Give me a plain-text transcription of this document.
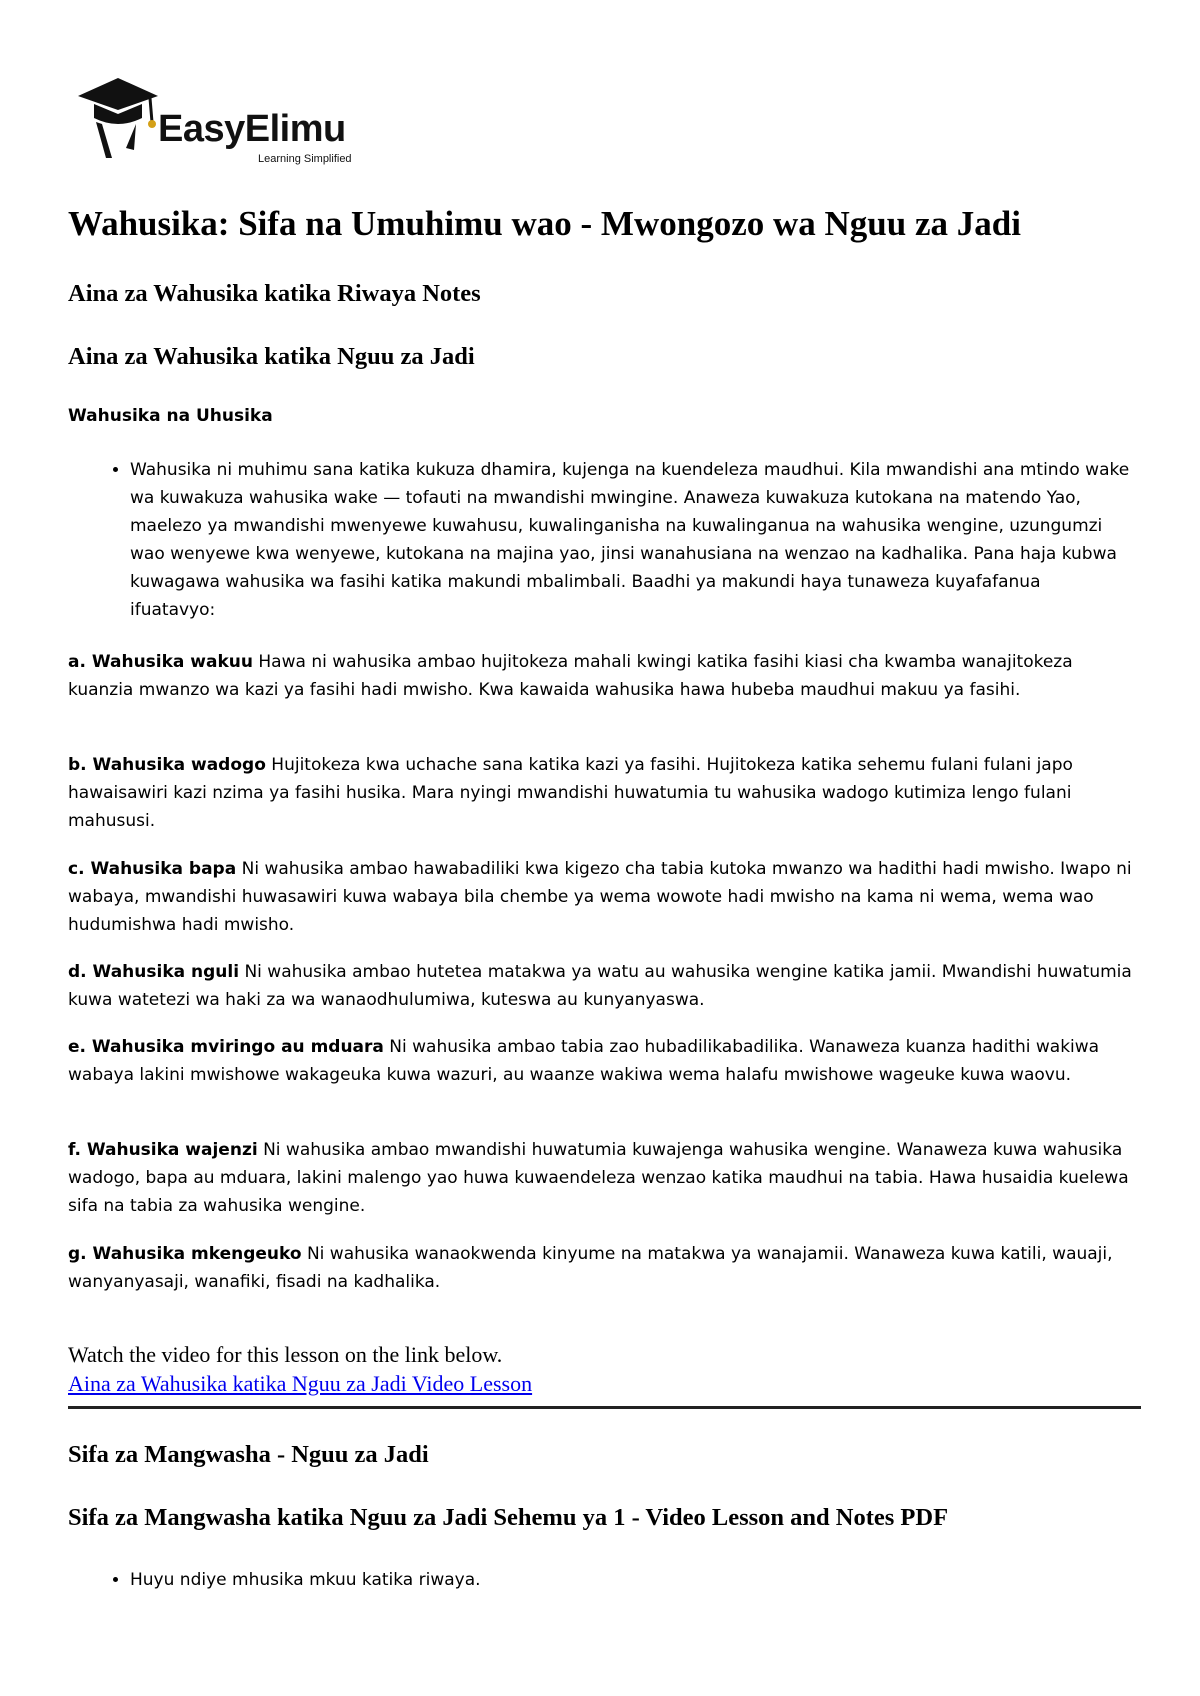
EasyElimu
Learning Simplified
Wahusika: Sifa na Umuhimu wao - Mwongozo wa Nguu za Jadi
Aina za Wahusika katika Riwaya Notes
Aina za Wahusika katika Nguu za Jadi
Wahusika na Uhusika
• Wahusika ni muhimu sana katika kukuza dhamira, kujenga na kuendeleza maudhui. Kila mwandishi ana mtindo wake wa kuwakuza wahusika wake — tofauti na mwandishi mwingine. Anaweza kuwakuza kutokana na matendo Yao, maelezo ya mwandishi mwenyewe kuwahusu, kuwalinganisha na kuwalinganua na wahusika wengine, uzungumzi wao wenyewe kwa wenyewe, kutokana na majina yao, jinsi wanahusiana na wenzao na kadhalika. Pana haja kubwa kuwagawa wahusika wa fasihi katika makundi mbalimbali. Baadhi ya makundi haya tunaweza kuyafafanua ifuatavyo:

a. Wahusika wakuu Hawa ni wahusika ambao hujitokeza mahali kwingi katika fasihi kiasi cha kwamba wanajitokeza kuanzia mwanzo wa kazi ya fasihi hadi mwisho. Kwa kawaida wahusika hawa hubeba maudhui makuu ya fasihi.

b. Wahusika wadogo Hujitokeza kwa uchache sana katika kazi ya fasihi. Hujitokeza katika sehemu fulani fulani japo hawaisawiri kazi nzima ya fasihi husika. Mara nyingi mwandishi huwatumia tu wahusika wadogo kutimiza lengo fulani mahususi.

c. Wahusika bapa Ni wahusika ambao hawabadiliki kwa kigezo cha tabia kutoka mwanzo wa hadithi hadi mwisho. Iwapo ni wabaya, mwandishi huwasawiri kuwa wabaya bila chembe ya wema wowote hadi mwisho na kama ni wema, wema wao hudumishwa hadi mwisho.

d. Wahusika nguli Ni wahusika ambao hutetea matakwa ya watu au wahusika wengine katika jamii. Mwandishi huwatumia kuwa watetezi wa haki za wa wanaodhulumiwa, kuteswa au kunyanyaswa.

e. Wahusika mviringo au mduara Ni wahusika ambao tabia zao hubadilikabadilika. Wanaweza kuanza hadithi wakiwa wabaya lakini mwishowe wakageuka kuwa wazuri, au waanze wakiwa wema halafu mwishowe wageuke kuwa waovu.

f. Wahusika wajenzi Ni wahusika ambao mwandishi huwatumia kuwajenga wahusika wengine. Wanaweza kuwa wahusika wadogo, bapa au mduara, lakini malengo yao huwa kuwaendeleza wenzao katika maudhui na tabia. Hawa husaidia kuelewa sifa na tabia za wahusika wengine.

g. Wahusika mkengeuko Ni wahusika wanaokwenda kinyume na matakwa ya wanajamii. Wanaweza kuwa katili, wauaji, wanyanyasaji, wanafiki, fisadi na kadhalika.

Watch the video for this lesson on the link below.
Aina za Wahusika katika Nguu za Jadi Video Lesson
Sifa za Mangwasha - Nguu za Jadi
Sifa za Mangwasha katika Nguu za Jadi Sehemu ya 1 - Video Lesson and Notes PDF
• Huyu ndiye mhusika mkuu katika riwaya.
